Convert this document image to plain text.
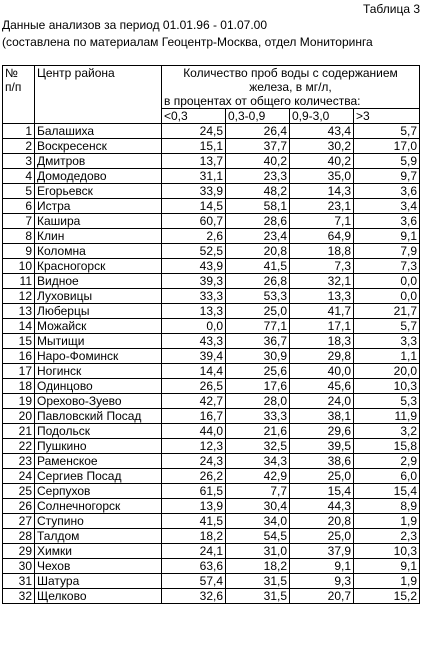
Таблица 3
Данные анализов за период 01.01.96 - 01.07.00
(составлена по материалам Геоцентр-Москва, отдел Мониторинга
№
п/п	Центр района	Количество проб воды с содержанием
железа, в мг/л,
в процентах от общего количества:			

		<0,3	0,3-0,9	0,9-3,0	>3
1	Балашиха	24,5	26,4	43,4	5,7
2	Воскресенск	15,1	37,7	30,2	17,0
3	Дмитров	13,7	40,2	40,2	5,9
4	Домодедово	31,1	23,3	35,0	9,7
5	Егорьевск	33,9	48,2	14,3	3,6
6	Истра	14,5	58,1	23,1	3,4
7	Кашира	60,7	28,6	7,1	3,6
8	Клин	2,6	23,4	64,9	9,1
9	Коломна	52,5	20,8	18,8	7,9
10	Красногорск	43,9	41,5	7,3	7,3
11	Видное	39,3	26,8	32,1	0,0
12	Луховицы	33,3	53,3	13,3	0,0
13	Люберцы	13,3	25,0	41,7	21,7
14	Можайск	0,0	77,1	17,1	5,7
15	Мытищи	43,3	36,7	18,3	3,3
16	Наро-Фоминск	39,4	30,9	29,8	1,1
17	Ногинск	14,4	25,6	40,0	20,0
18	Одинцово	26,5	17,6	45,6	10,3
19	Орехово-Зуево	42,7	28,0	24,0	5,3
20	Павловский Посад	16,7	33,3	38,1	11,9
21	Подольск	44,0	21,6	29,6	3,2
22	Пушкино	12,3	32,5	39,5	15,8
23	Раменское	24,3	34,3	38,6	2,9
24	Сергиев Посад	26,2	42,9	25,0	6,0
25	Серпухов	61,5	7,7	15,4	15,4
26	Солнечногорск	13,9	30,4	44,3	8,9
27	Ступино	41,5	34,0	20,8	1,9
28	Талдом	18,2	54,5	25,0	2,3
29	Химки	24,1	31,0	37,9	10,3
30	Чехов	63,6	18,2	9,1	9,1
31	Шатура	57,4	31,5	9,3	1,9
32	Щелково	32,6	31,5	20,7	15,2
